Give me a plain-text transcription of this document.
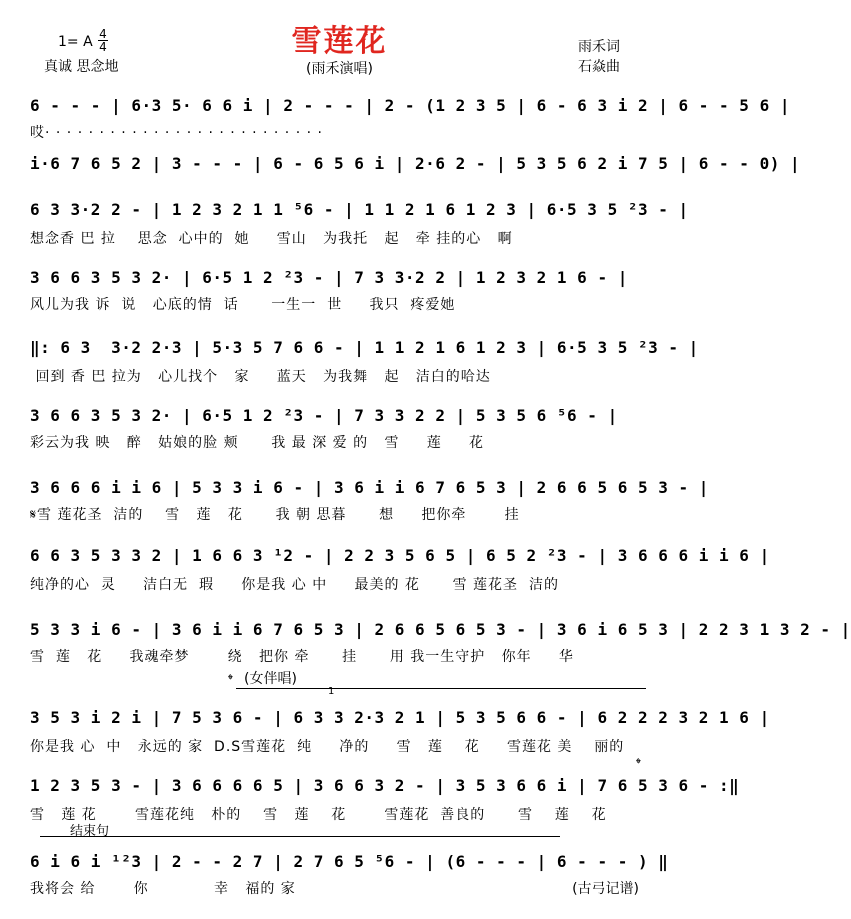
雪莲花
(雨禾演唱)
1= A 4

4
真诚 思念地
雨禾词
石焱曲
6 - - - | 6·3 5· 6 6 i | 2 - - - | 2 - (1 2 3 5 | 6 - 6 3 i 2 | 6 - - 5 6 |
哎· · · · · · · · · · · · · · · · · · · · · · · · · ·
i·6 7 6 5 2 | 3 - - - | 6 - 6 5 6 i | 2·6 2 - | 5 3 5 6 2 i 7 5 | 6 - - 0) |
6 3 3·2 2 - | 1 2 3 2 1 1 ⁵6 - | 1 1 2 1 6 1 2 3 | 6·5 3 5 ²3 - |
想念香 巴 拉    思念  心中的  她     雪山   为我托   起   牵 挂的心   啊
3 6 6 3 5 3 2· | 6·5 1 2 ²3 - | 7 3 3·2 2 | 1 2 3 2 1 6 - |
风儿为我 诉  说   心底的情  话      一生一  世     我只  疼爱她
‖: 6 3  3·2 2·3 | 5·3 5 7 6 6 - | 1 1 2 1 6 1 2 3 | 6·5 3 5 ²3 - |
回到 香 巴 拉为   心儿找个   家     蓝天   为我舞   起   洁白的哈达
3 6 6 3 5 3 2· | 6·5 1 2 ²3 - | 7 3 3 2 2 | 5 3 5 6 ⁵6 - |
彩云为我 映   醉   姑娘的脸 颊      我 最 深 爱 的   雪     莲     花
3 6 6 6 i i 6 | 5 3 3 i 6 - | 3 6 i i 6 7 6 5 3 | 2 6 6 5 6 5 3 - |
𝄋雪 莲花圣  洁的    雪   莲   花      我 朝 思暮      想     把你牵       挂
6 6 3 5 3 3 2 | 1 6 6 3 ¹2 - | 2 2 3 5 6 5 | 6 5 2 ²3 - | 3 6 6 6 i i 6 |
纯净的心  灵     洁白无  瑕     你是我 心 中     最美的 花      雪 莲花圣  洁的
5 3 3 i 6 - | 3 6 i i 6 7 6 5 3 | 2 6 6 5 6 5 3 - | 3 6 i 6 5 3 | 2 2 3 1 3 2 - |
雪  莲   花     我魂牵梦       绕   把你 牵      挂      用 我一生守护   你年     华
𝄌 (女伴唱)
1
3 5 3 i 2 i | 7 5 3 6 - | 6 3 3 2·3 2 1 | 5 3 5 6 6 - | 6 2 2 2 3 2 1 6 |
你是我 心  中   永远的 家  D.S雪莲花  纯     净的     雪   莲    花     雪莲花 美    丽的
1 2 3 5 3 - | 3 6 6 6 6 5 | 3 6 6 3 2 - | 3 5 3 6 6 i | 7 6 5 3 6 - :‖
雪   莲 花       雪莲花纯   朴的    雪   莲    花       雪莲花  善良的      雪    莲    花
𝄌
结束句
6 i 6 i ¹²3 | 2 - - 2 7 | 2 7 6 5 ⁵6 - | (6 - - - | 6 - - - ) ‖
我将会 给       你            幸   福的 家	(古弓记谱)
